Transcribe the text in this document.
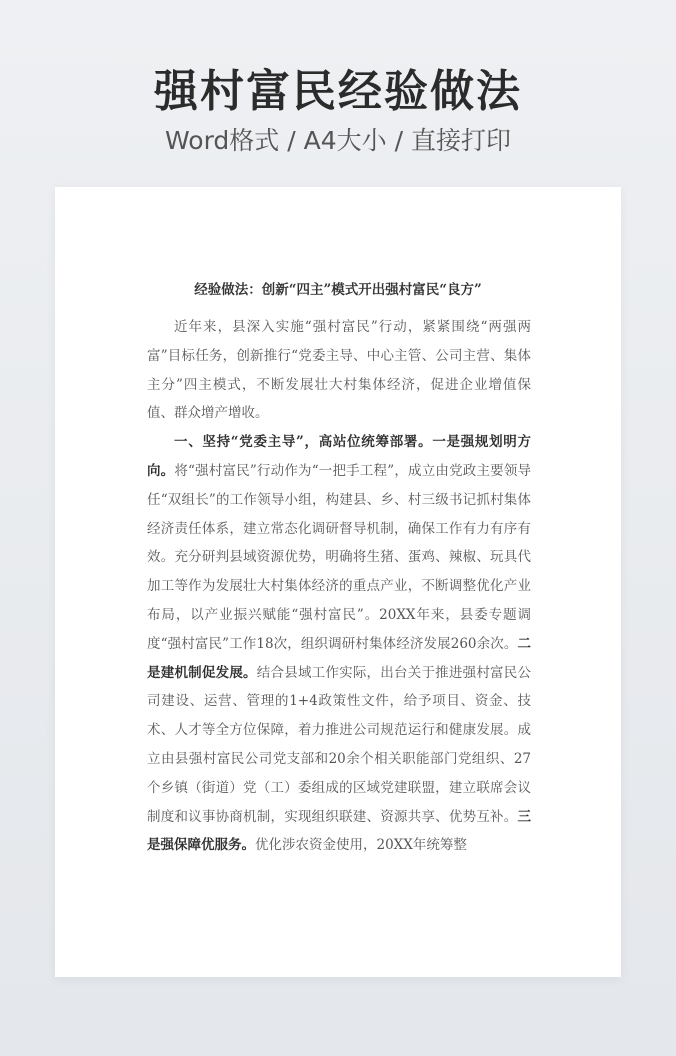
强村富民经验做法
Word格式 / A4大小 / 直接打印
经验做法：创新“四主”模式开出强村富民“良方”

近年来，县深入实施“强村富民”行动，紧紧围绕“两强两富”目标任务，创新推行“党委主导、中心主管、公司主营、集体主分”四主模式，不断发展壮大村集体经济，促进企业增值保值、群众增产增收。

一、坚持“党委主导”，高站位统筹部署。一是强规划明方向。将“强村富民”行动作为“一把手工程”，成立由党政主要领导任“双组长”的工作领导小组，构建县、乡、村三级书记抓村集体经济责任体系，建立常态化调研督导机制，确保工作有力有序有效。充分研判县域资源优势，明确将生猪、蛋鸡、辣椒、玩具代加工等作为发展壮大村集体经济的重点产业，不断调整优化产业布局，以产业振兴赋能“强村富民”。20XX年来，县委专题调度“强村富民”工作18次，组织调研村集体经济发展260余次。二是建机制促发展。结合县域工作实际，出台关于推进强村富民公司建设、运营、管理的1+4政策性文件，给予项目、资金、技术、人才等全方位保障，着力推进公司规范运行和健康发展。成立由县强村富民公司党支部和20余个相关职能部门党组织、27个乡镇（街道）党（工）委组成的区域党建联盟，建立联席会议制度和议事协商机制，实现组织联建、资源共享、优势互补。三是强保障优服务。优化涉农资金使用，20XX年统筹整
